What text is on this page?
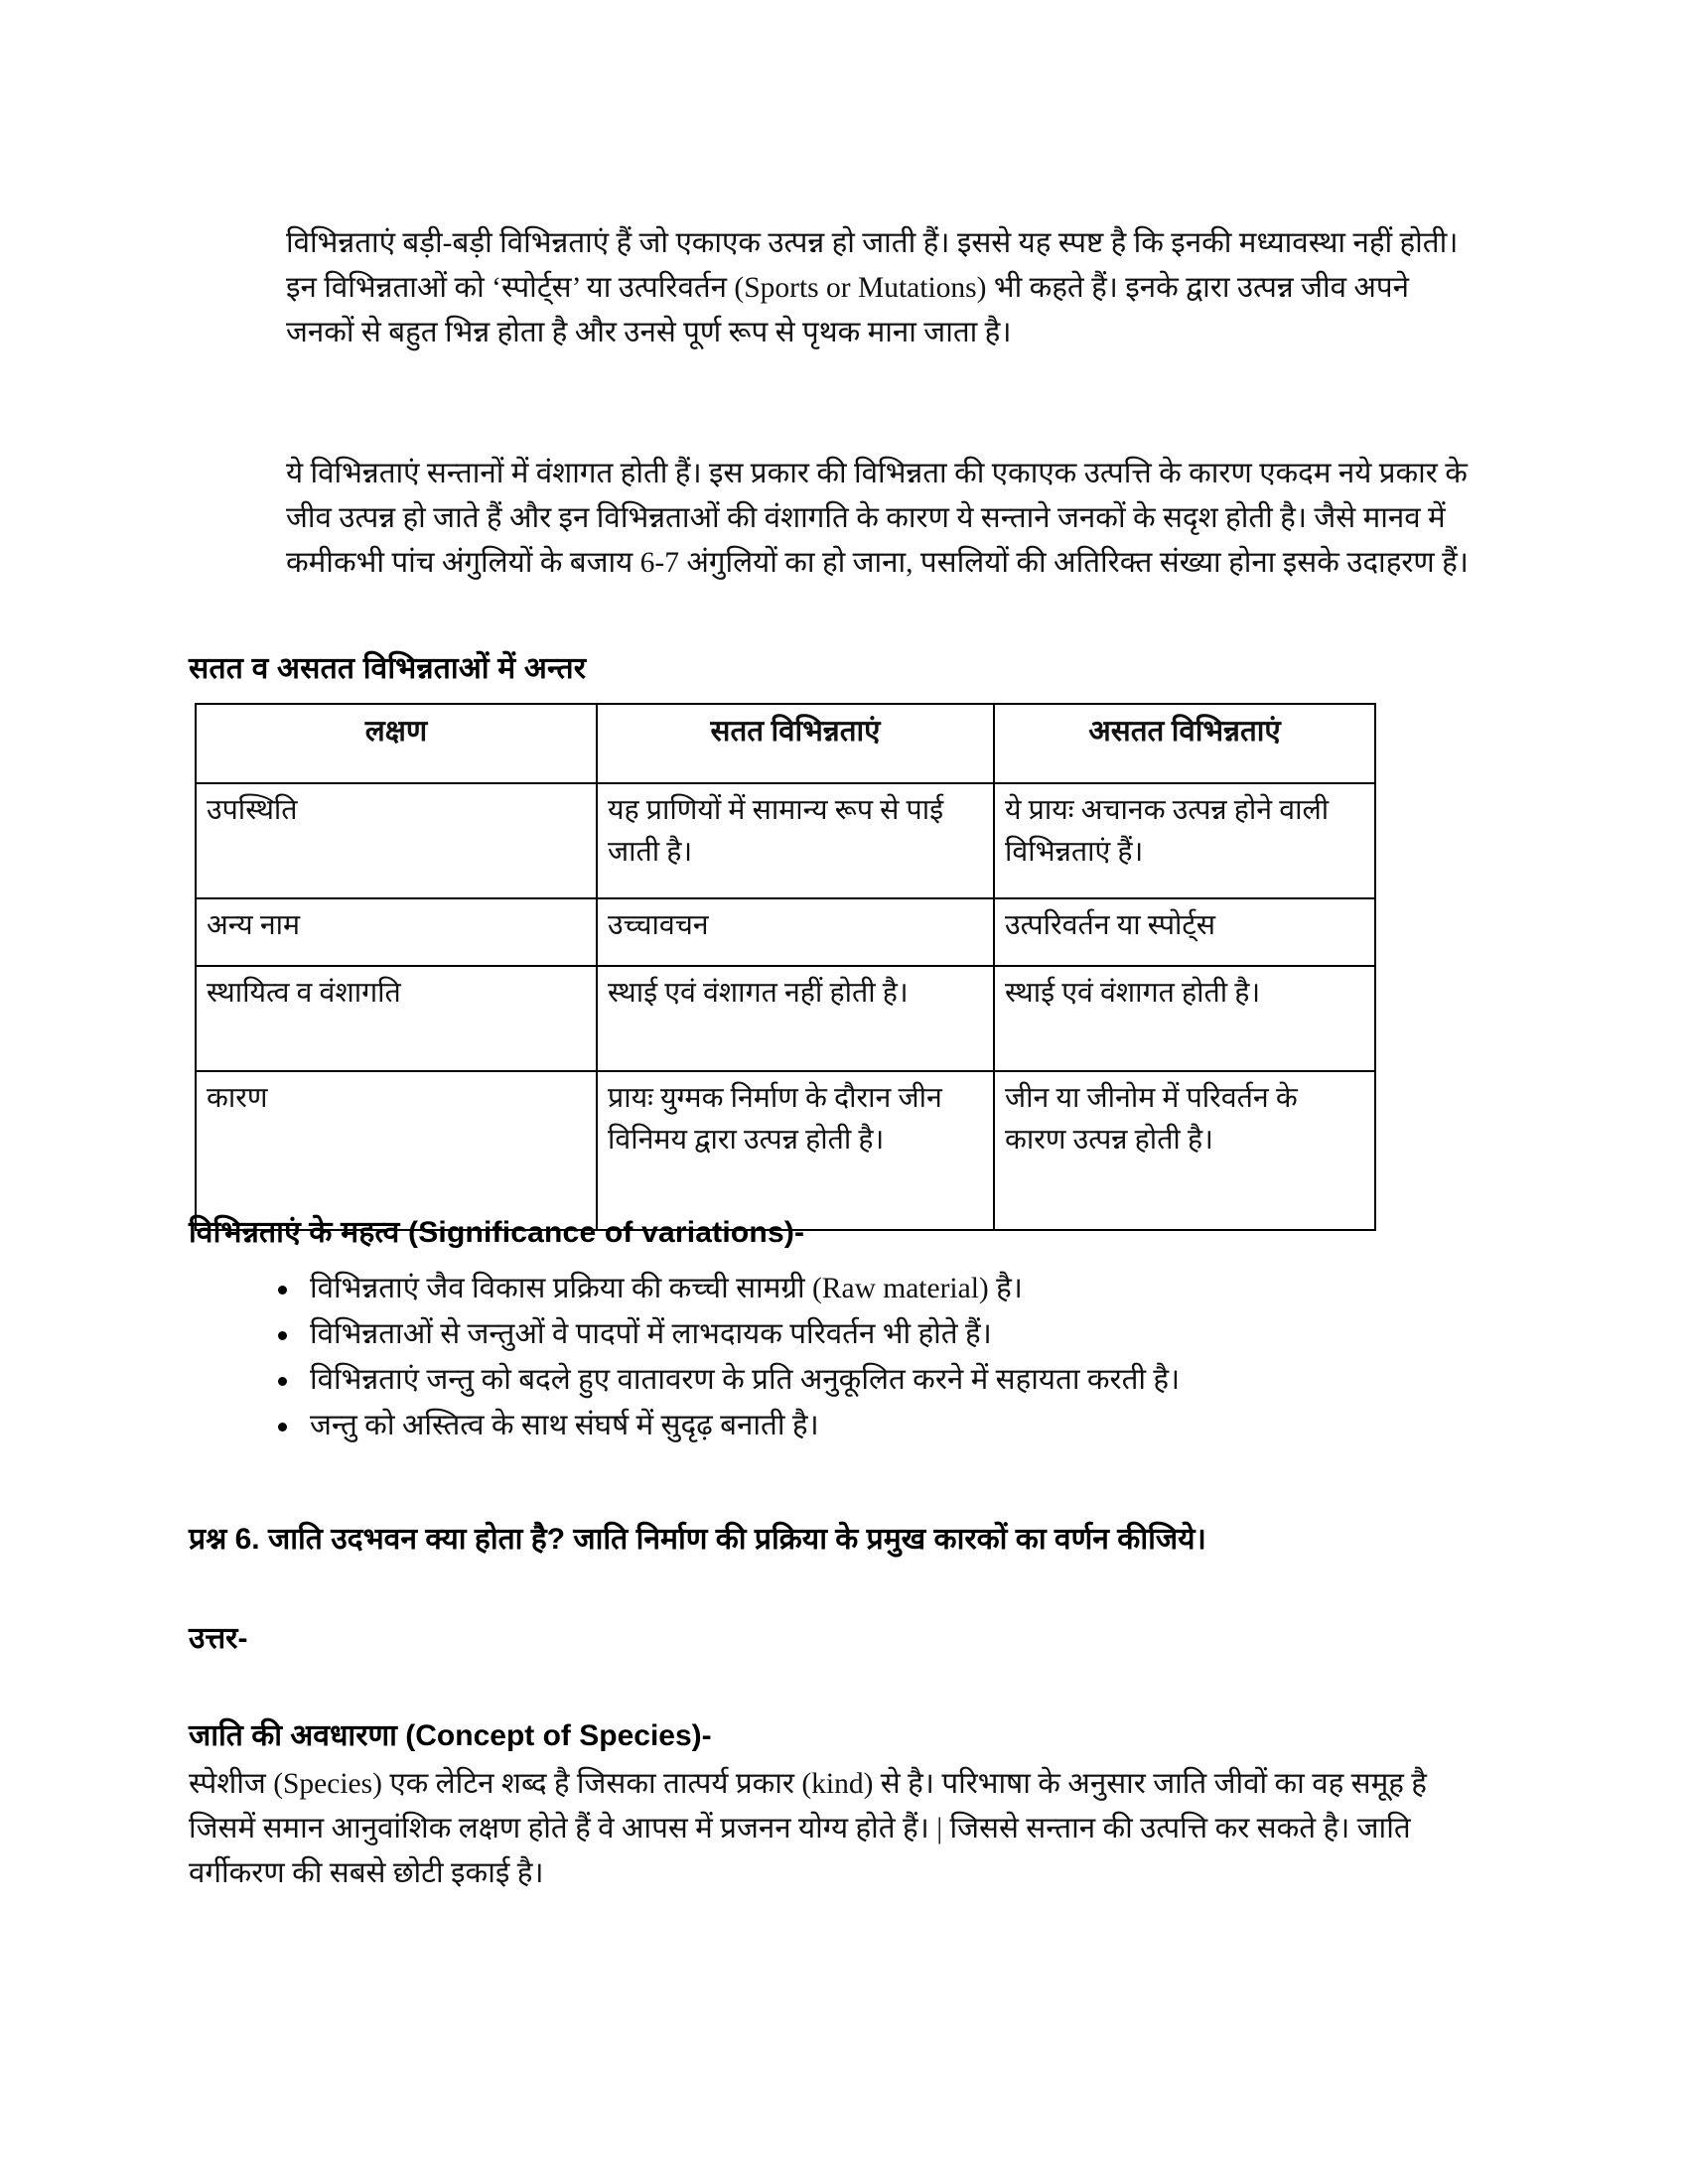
विभिन्नताएं बड़ी-बड़ी विभिन्नताएं हैं जो एकाएक उत्पन्न हो जाती हैं। इससे यह स्पष्ट है कि इनकी मध्यावस्था नहीं होती। इन विभिन्नताओं को ‘स्पोर्ट्स’ या उत्परिवर्तन (Sports or Mutations) भी कहते हैं। इनके द्वारा उत्पन्न जीव अपने जनकों से बहुत भिन्न होता है और उनसे पूर्ण रूप से पृथक माना जाता है।

ये विभिन्नताएं सन्तानों में वंशागत होती हैं। इस प्रकार की विभिन्नता की एकाएक उत्पत्ति के कारण एकदम नये प्रकार के जीव उत्पन्न हो जाते हैं और इन विभिन्नताओं की वंशागति के कारण ये सन्ताने जनकों के सदृश होती है। जैसे मानव में कमीकभी पांच अंगुलियों के बजाय 6-7 अंगुलियों का हो जाना, पसलियों की अतिरिक्त संख्या होना इसके उदाहरण हैं।

सतत व असतत विभिन्नताओं में अन्तर
लक्षण	सतत विभिन्नताएं	असतत विभिन्नताएं
उपस्थिति	यह प्राणियों में सामान्य रूप से पाई जाती है।	ये प्रायः अचानक उत्पन्न होने वाली विभिन्नताएं हैं।
अन्य नाम	उच्चावचन	उत्परिवर्तन या स्पोर्ट्स
स्थायित्व व वंशागति	स्थाई एवं वंशागत नहीं होती है।	स्थाई एवं वंशागत होती है।
कारण	प्रायः युग्मक निर्माण के दौरान जीन विनिमय द्वारा उत्पन्न होती है।	जीन या जीनोम में परिवर्तन के कारण उत्पन्न होती है।
विभिन्नताएं के महत्व (Significance of variations)-
विभिन्नताएं जैव विकास प्रक्रिया की कच्ची सामग्री (Raw material) है।
विभिन्नताओं से जन्तुओं वे पादपों में लाभदायक परिवर्तन भी होते हैं।
विभिन्नताएं जन्तु को बदले हुए वातावरण के प्रति अनुकूलित करने में सहायता करती है।
जन्तु को अस्तित्व के साथ संघर्ष में सुदृढ़ बनाती है।
प्रश्न 6. जाति उदभवन क्या होता है? जाति निर्माण की प्रक्रिया के प्रमुख कारकों का वर्णन कीजिये।
उत्तर-
जाति की अवधारणा (Concept of Species)-

स्पेशीज (Species) एक लेटिन शब्द है जिसका तात्पर्य प्रकार (kind) से है। परिभाषा के अनुसार जाति जीवों का वह समूह है जिसमें समान आनुवांशिक लक्षण होते हैं वे आपस में प्रजनन योग्य होते हैं। | जिससे सन्तान की उत्पत्ति कर सकते है। जाति वर्गीकरण की सबसे छोटी इकाई है।
